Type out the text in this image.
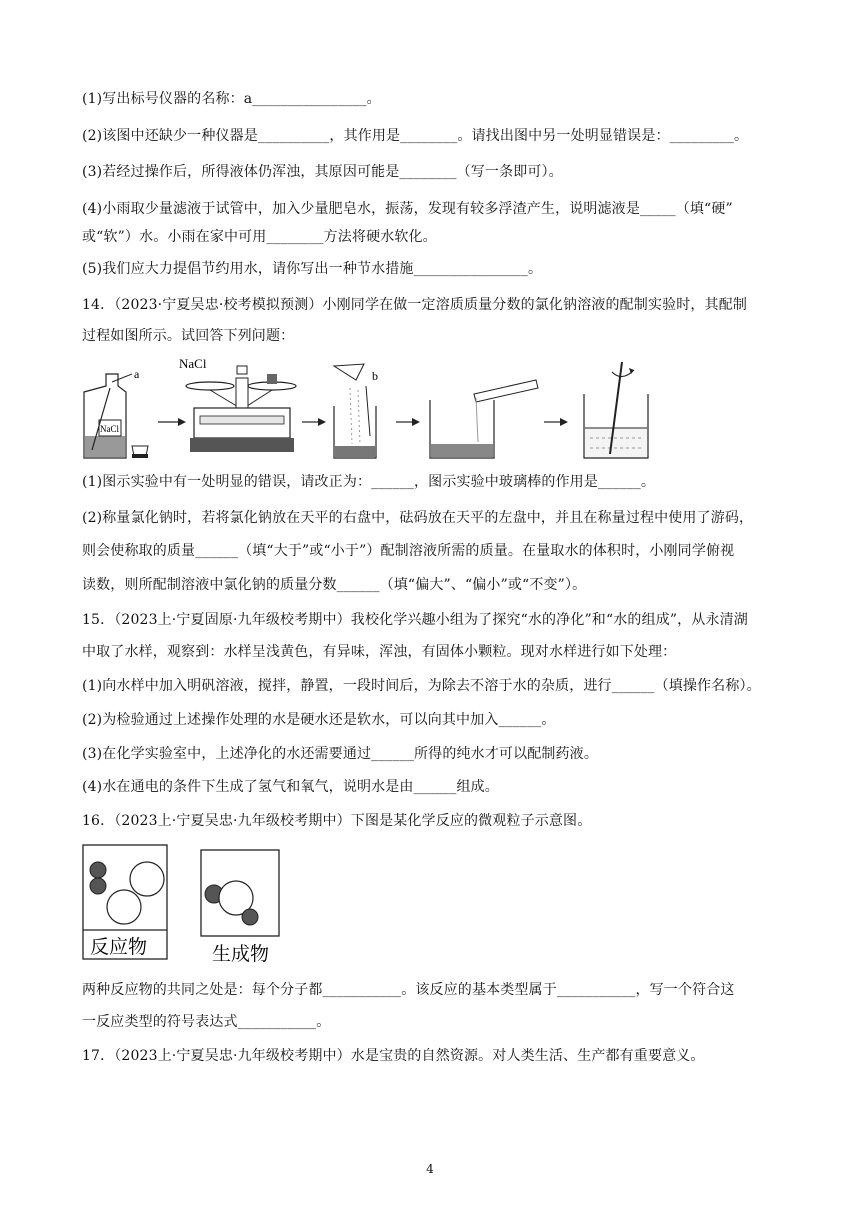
(1)写出标号仪器的名称：a________________。
(2)该图中还缺少一种仪器是__________，其作用是________。请找出图中另一处明显错误是：_________。
(3)若经过操作后，所得液体仍浑浊，其原因可能是________（写一条即可）。
(4)小雨取少量滤液于试管中，加入少量肥皂水，振荡，发现有较多浮渣产生，说明滤液是_____（填“硬”
或“软”）水。小雨在家中可用________方法将硬水软化。
(5)我们应大力提倡节约用水，请你写出一种节水措施________________。
14．（2023·宁夏吴忠·校考模拟预测）小刚同学在做一定溶质质量分数的氯化钠溶液的配制实验时，其配制
过程如图所示。试回答下列问题：
NaCl
a
NaCl
b
(1)图示实验中有一处明显的错误，请改正为：______，图示实验中玻璃棒的作用是______。
(2)称量氯化钠时，若将氯化钠放在天平的右盘中，砝码放在天平的左盘中，并且在称量过程中使用了游码，
则会使称取的质量______（填“大于”或“小于”）配制溶液所需的质量。在量取水的体积时，小刚同学俯视
读数，则所配制溶液中氯化钠的质量分数______（填“偏大”、“偏小”或“不变”）。
15．（2023上·宁夏固原·九年级校考期中）我校化学兴趣小组为了探究“水的净化”和“水的组成”，从永清湖
中取了水样，观察到：水样呈浅黄色，有异味，浑浊，有固体小颗粒。现对水样进行如下处理：
(1)向水样中加入明矾溶液，搅拌，静置，一段时间后，为除去不溶于水的杂质，进行______（填操作名称）。
(2)为检验通过上述操作处理的水是硬水还是软水，可以向其中加入______。
(3)在化学实验室中，上述净化的水还需要通过______所得的纯水才可以配制药液。
(4)水在通电的条件下生成了氢气和氧气，说明水是由______组成。
16．（2023上·宁夏吴忠·九年级校考期中）下图是某化学反应的微观粒子示意图。
反应物	生成物
两种反应物的共同之处是：每个分子都___________。该反应的基本类型属于___________，写一个符合这
一反应类型的符号表达式___________。
17．（2023上·宁夏吴忠·九年级校考期中）水是宝贵的自然资源。对人类生活、生产都有重要意义。
4
